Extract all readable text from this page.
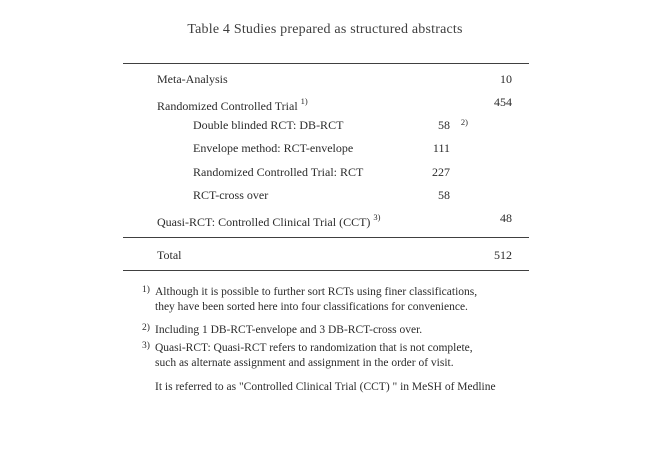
Table 4 Studies prepared as structured abstracts
Meta-Analysis	10
Randomized Controlled Trial $^{1)}$	454
Double blinded RCT: DB-RCT	58 2)
Envelope method: RCT-envelope	111
Randomized Controlled Trial: RCT	227
RCT-cross over	58
Quasi-RCT: Controlled Clinical Trial (CCT) $^{3)}$	48
Total	512
1) Although it is possible to further sort RCTs using finer classifications,
they have been sorted here into four classifications for convenience.
2) Including 1 DB-RCT-envelope and 3 DB-RCT-cross over.
3) Quasi-RCT: Quasi-RCT refers to randomization that is not complete,
such as alternate assignment and assignment in the order of visit.
It is referred to as "Controlled Clinical Trial (CCT) " in MeSH of Medline
